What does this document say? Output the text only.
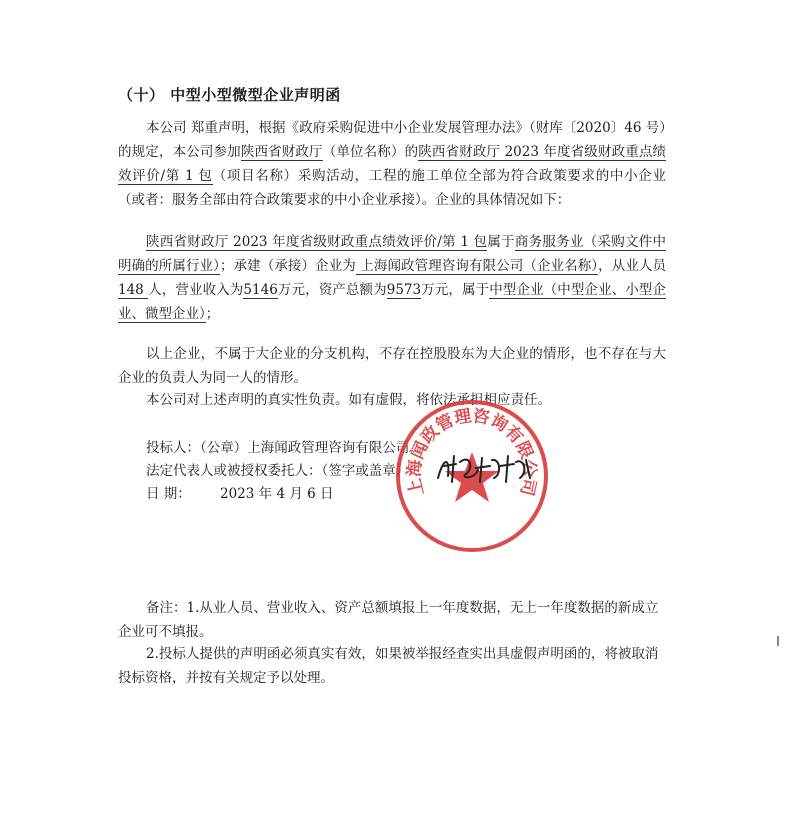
（十） 中型小型微型企业声明函
本公司 郑重声明，根据《政府采购促进中小企业发展管理办法》（财库〔2020〕46 号）的规定，本公司参加陕西省财政厅（单位名称）的陕西省财政厅 2023 年度省级财政重点绩效评价/第 1 包（项目名称）采购活动，工程的施工单位全部为符合政策要求的中小企业（或者：服务全部由符合政策要求的中小企业承接）。企业的具体情况如下：
陕西省财政厅 2023 年度省级财政重点绩效评价/第 1 包属于商务服务业（采购文件中明确的所属行业）；承建（承接）企业为 上海闻政管理咨询有限公司（企业名称），从业人员 148 人，营业收入为5146万元，资产总额为9573万元，属于中型企业（中型企业、小型企业、微型企业）；
以上企业，不属于大企业的分支机构，不存在控股股东为大企业的情形，也不存在与大企业的负责人为同一人的情形。
本公司对上述声明的真实性负责。如有虚假，将依法承担相应责任。
投标人：（公章）上海闻政管理咨询有限公司
法定代表人或被授权委托人：（签字或盖章）
日 期： 2023 年 4 月 6 日	上海闻政管理咨询有限公司
备注：1.从业人员、营业收入、资产总额填报上一年度数据，无上一年度数据的新成立企业可不填报。
2.投标人提供的声明函必须真实有效，如果被举报经查实出具虚假声明函的，将被取消投标资格，并按有关规定予以处理。
